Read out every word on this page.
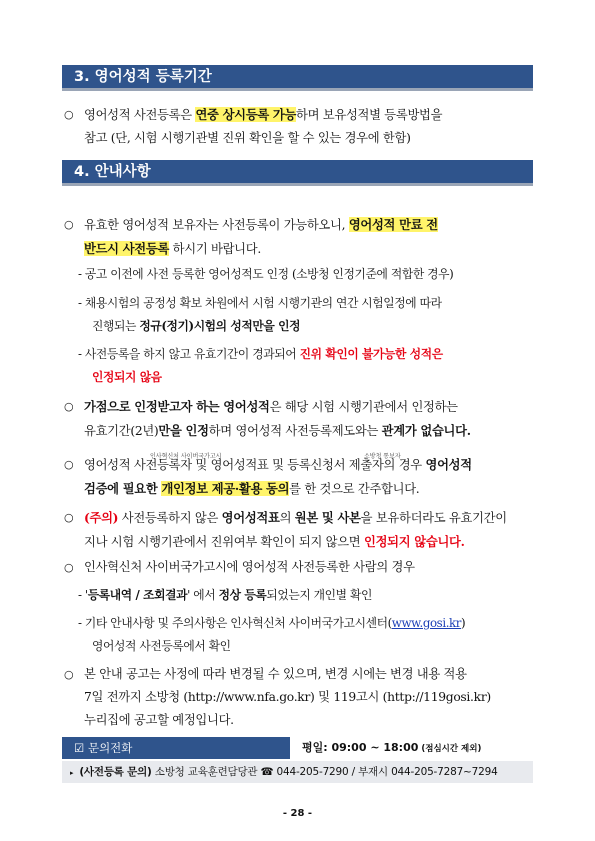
3. 영어성적 등록기간
○ 영어성적 사전등록은 연중 상시등록 가능하며 보유성적별 등록방법을
참고 (단, 시험 시행기관별 진위 확인을 할 수 있는 경우에 한함)
4. 안내사항
○ 유효한 영어성적 보유자는 사전등록이 가능하오니, 영어성적 만료 전
반드시 사전등록 하시기 바랍니다.
- 공고 이전에 사전 등록한 영어성적도 인정 (소방청 인정기준에 적합한 경우)
- 채용시험의 공정성 확보 차원에서 시험 시행기관의 연간 시험일정에 따라
진행되는 정규(정기)시험의 성적만을 인정
- 사전등록을 하지 않고 유효기간이 경과되어 진위 확인이 불가능한 성적은
인정되지 않음
○ 가점으로 인정받고자 하는 영어성적은 해당 시험 시행기관에서 인정하는
유효기간(2년)만을 인정하며 영어성적 사전등록제도와는 관계가 없습니다.
○
인사혁신처 사이버국가고시	소방청 통보자
영어성적 사전등록자 및 영어성적표 및 등록신청서 제출자의 경우 영어성적
검증에 필요한 개인정보 제공·활용 동의를 한 것으로 간주합니다.
○ (주의) 사전등록하지 않은 영어성적표의 원본 및 사본을 보유하더라도 유효기간이
지나 시험 시행기관에서 진위여부 확인이 되지 않으면 인정되지 않습니다.
○ 인사혁신처 사이버국가고시에 영어성적 사전등록한 사람의 경우
- '등록내역 / 조회결과' 에서 정상 등록되었는지 개인별 확인
- 기타 안내사항 및 주의사항은 인사혁신처 사이버국가고시센터(www.gosi.kr)
영어성적 사전등록에서 확인
○ 본 안내 공고는 사정에 따라 변경될 수 있으며, 변경 시에는 변경 내용 적용
7일 전까지 소방청 (http://www.nfa.go.kr) 및 119고시 (http://119gosi.kr)
누리집에 공고할 예정입니다.
☑ 문의전화	평일: 09:00 ~ 18:00 (점심시간 제외)
▸ (사전등록 문의) 소방청 교육훈련담당관 ☎ 044-205-7290 / 부재시 044-205-7287~7294
- 28 -
